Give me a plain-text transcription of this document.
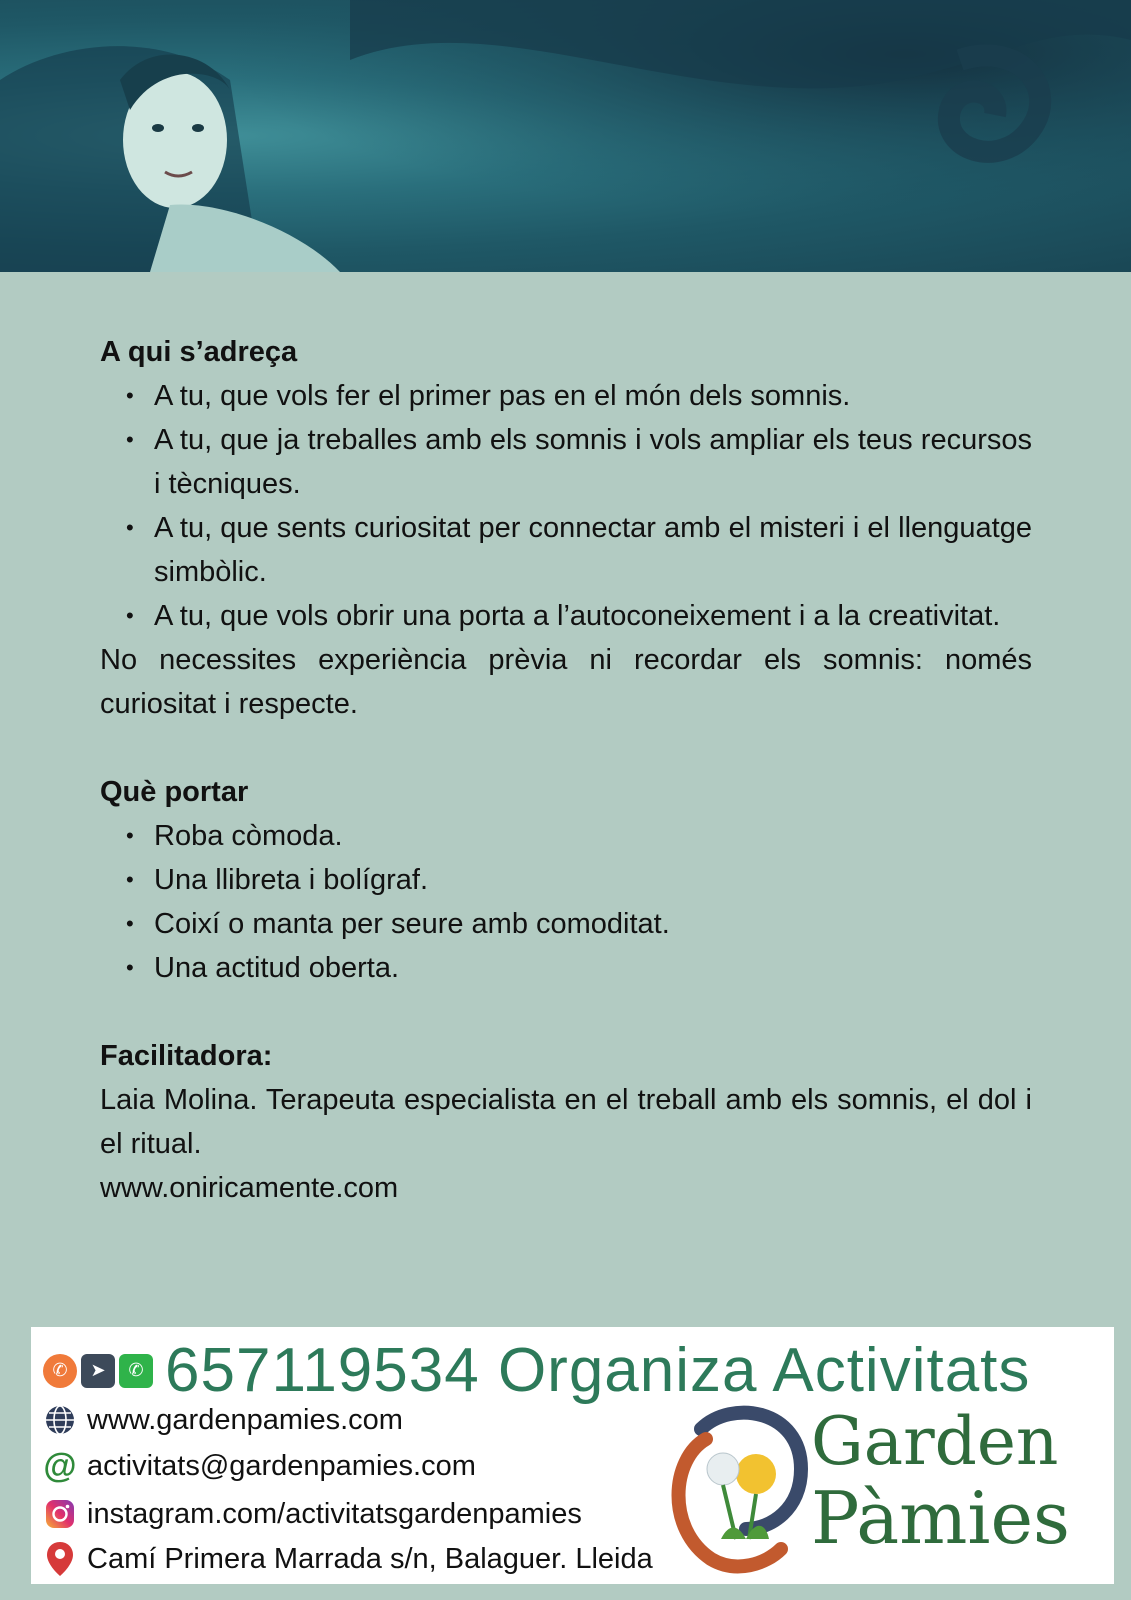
A qui s’adreça

• A tu, que vols fer el primer pas en el món dels somnis.
• A tu, que ja treballes amb els somnis i vols ampliar els teus recursos i tècniques.
• A tu, que sents curiositat per connectar amb el misteri i el llenguatge simbòlic.
• A tu, que vols obrir una porta a l’autoconeixement i a la creativitat.

No necessites experiència prèvia ni recordar els somnis: només curiositat i respecte.

Què portar

• Roba còmoda.
• Una llibreta i bolígraf.
• Coixí o manta per seure amb comoditat.
• Una actitud oberta.

Facilitadora:

Laia Molina. Terapeuta especialista en el treball amb els somnis, el dol i el ritual.

www.oniricamente.com

✆	➤	✆ 657119534 Organiza Activitats
www.gardenpamies.com
@ activitats@gardenpamies.com
instagram.com/activitatsgardenpamies
Camí Primera Marrada s/n, Balaguer. Lleida
Garden
Pàmies
